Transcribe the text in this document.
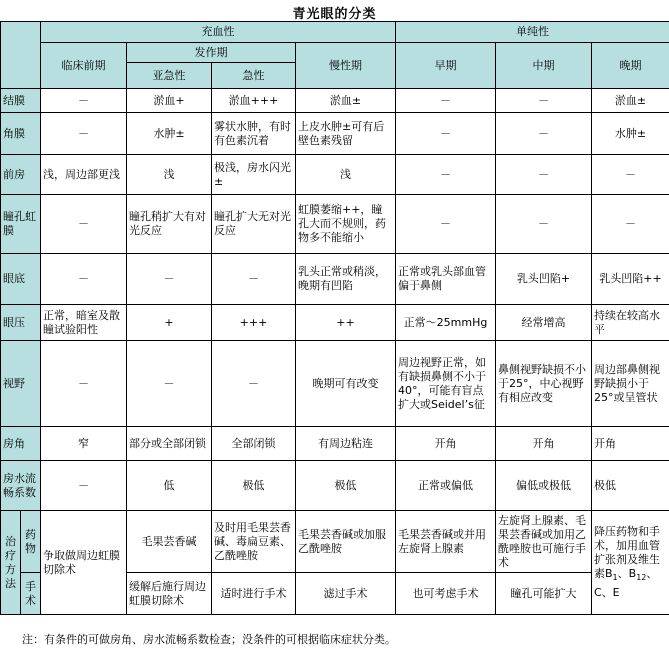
青光眼的分类
		充血性				单纯性		
		临床前期	发作期		慢性期	早期	中期	晚期
			亚急性	急性				
结膜		－	淤血+	淤血+++	淤血±	－	－	淤血±
角膜		－	水肿±	雾状水肿，有时有色素沉着	上皮水肿±可有后壁色素残留	－	－	水肿±
前房		浅，周边部更浅	浅	极浅，房水闪光±	浅	－	－	－
瞳孔虹膜		－	瞳孔稍扩大有对光反应	瞳孔扩大无对光反应	虹膜萎缩++，瞳孔大而不规则，药物多不能缩小	－	－	－
眼底		－	－	－	乳头正常或稍淡，晚期有凹陷	正常或乳头部血管偏于鼻侧	乳头凹陷+	乳头凹陷++
眼压		正常，暗室及散瞳试验阳性	+	+++	++	正常～25mmHg	经常增高	持续在较高水平
视野		－	－	－	晚期可有改变	周边视野正常，如有缺损鼻侧不小于40°，可能有盲点扩大或Seidel’s征	鼻侧视野缺损不小于25°，中心视野有相应改变	周边部鼻侧视野缺损小于25°或呈管状
房角		窄	部分或全部闭锁	全部闭锁	有周边粘连	开角	开角	开角
房水流畅系数		－	低	极低	极低	正常或偏低	偏低或极低	极低
治疗方法	药物	争取做周边虹膜切除术	毛果芸香碱	及时用毛果芸香碱、毒扁豆素、乙酰唑胺	毛果芸香碱或加服乙酰唑胺	毛果芸香碱或并用左旋肾上腺素	左旋肾上腺素、毛果芸香碱或加用乙酰唑胺也可施行手术	降压药物和手术，加用血管扩张剂及维生素$B_1$、$B_{12}$、C、E
	手术		缓解后施行周边虹膜切除术	适时进行手术	滤过手术	也可考虑手术	瞳孔可能扩大	
注：有条件的可做房角、房水流畅系数检查；没条件的可根据临床症状分类。
